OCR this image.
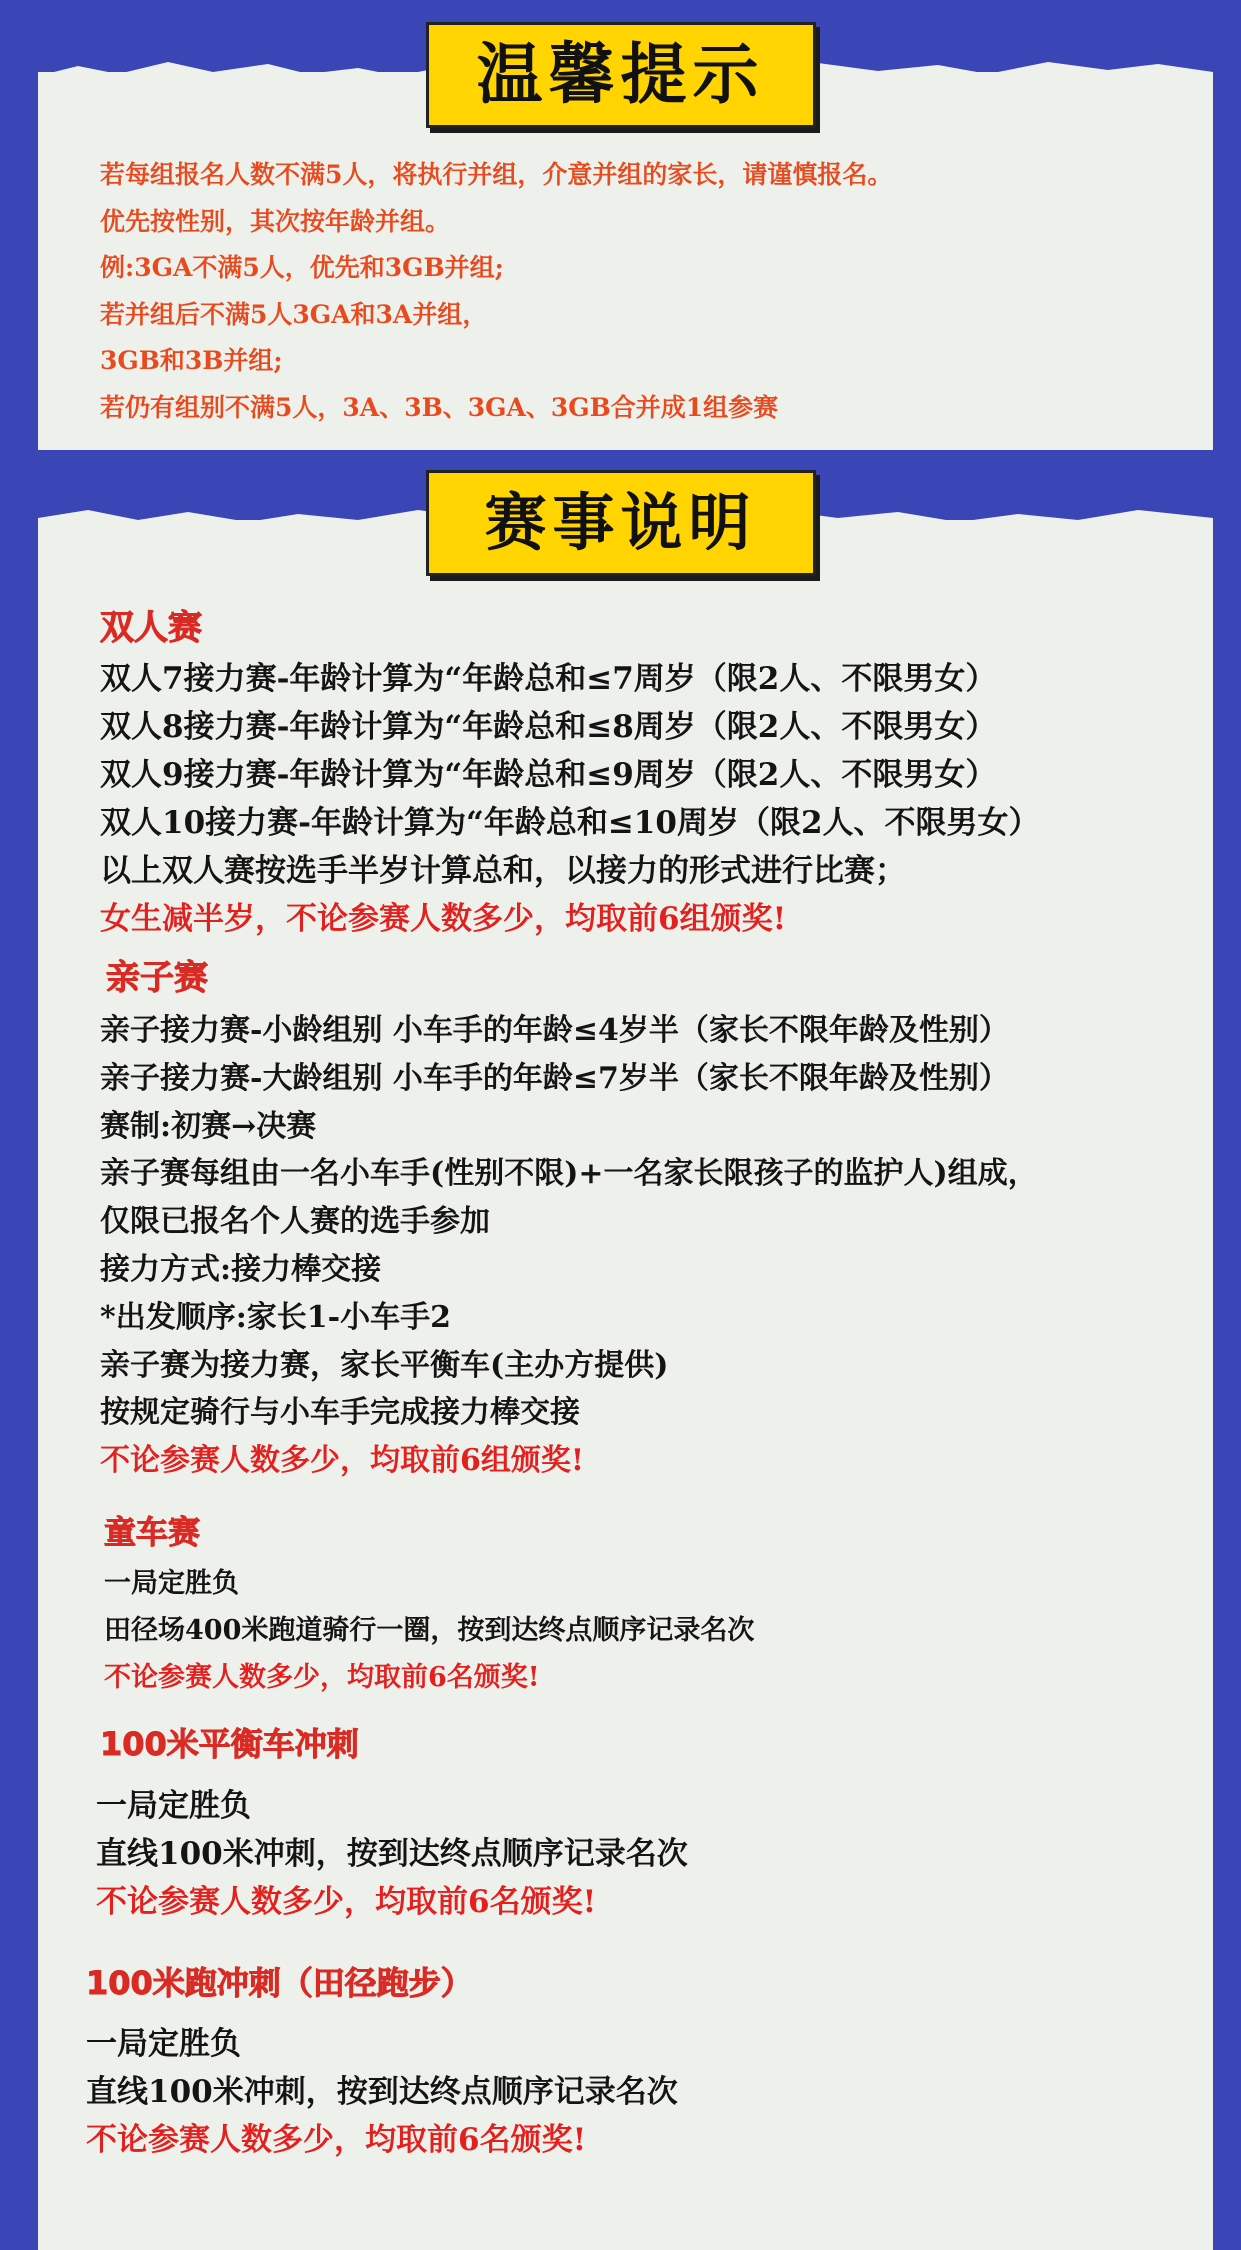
温馨提示
若每组报名人数不满5人，将执行并组，介意并组的家长，请谨慎报名。
优先按性别，其次按年龄并组。
例:3GA不满5人，优先和3GB并组;
若并组后不满5人3GA和3A并组，
3GB和3B并组;
若仍有组别不满5人，3A、3B、3GA、3GB合并成1组参赛
赛事说明
双人赛
双人7接力赛-年龄计算为“年龄总和≤7周岁（限2人、不限男女）
双人8接力赛-年龄计算为“年龄总和≤8周岁（限2人、不限男女）
双人9接力赛-年龄计算为“年龄总和≤9周岁（限2人、不限男女）
双人10接力赛-年龄计算为“年龄总和≤10周岁（限2人、不限男女）
以上双人赛按选手半岁计算总和，以接力的形式进行比赛；
女生减半岁，不论参赛人数多少，均取前6组颁奖!
亲子赛
亲子接力赛-小龄组别 小车手的年龄≤4岁半（家长不限年龄及性别）
亲子接力赛-大龄组别 小车手的年龄≤7岁半（家长不限年龄及性别）
赛制:初赛→决赛
亲子赛每组由一名小车手(性别不限)+一名家长限孩子的监护人)组成，
仅限已报名个人赛的选手参加
接力方式:接力棒交接
*出发顺序:家长1-小车手2
亲子赛为接力赛，家长平衡车(主办方提供)
按规定骑行与小车手完成接力棒交接
不论参赛人数多少，均取前6组颁奖!
童车赛
一局定胜负
田径场400米跑道骑行一圈，按到达终点顺序记录名次
不论参赛人数多少，均取前6名颁奖!
100米平衡车冲刺
一局定胜负
直线100米冲刺，按到达终点顺序记录名次
不论参赛人数多少，均取前6名颁奖!
100米跑冲刺（田径跑步）
一局定胜负
直线100米冲刺，按到达终点顺序记录名次
不论参赛人数多少，均取前6名颁奖!
